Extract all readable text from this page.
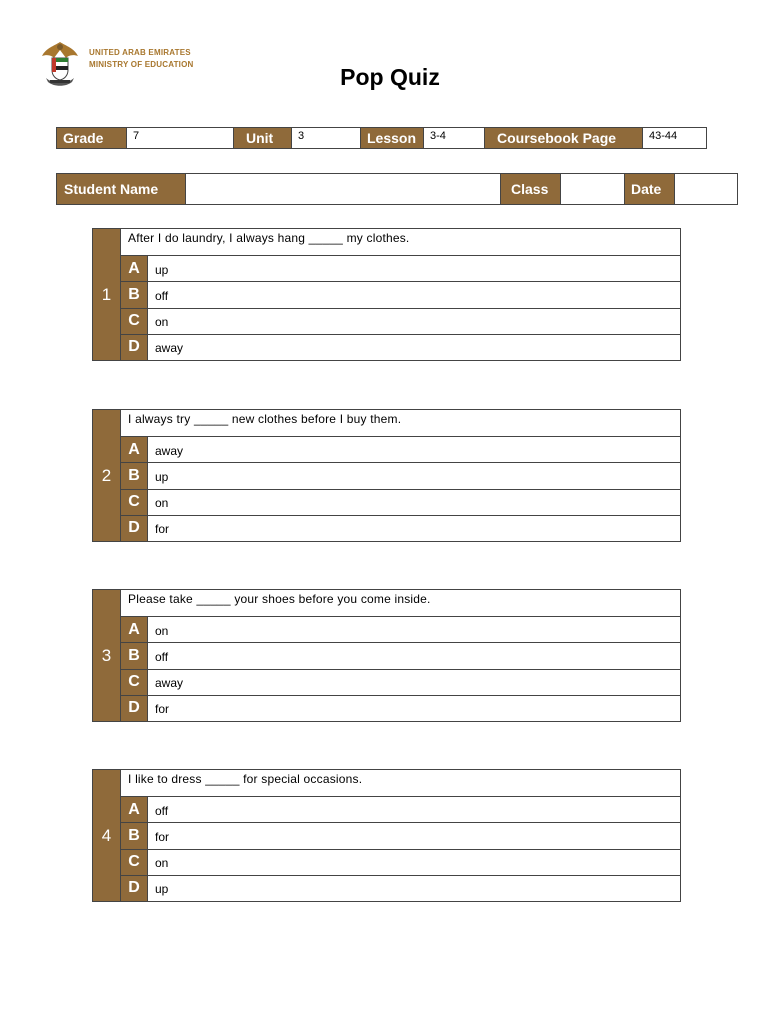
UNITED ARAB EMIRATES
MINISTRY OF EDUCATION	Pop Quiz
Grade	7	Unit	3	Lesson	3-4	Coursebook Page	43-44
Student Name	Class	Date
1
After I do laundry, I always hang _____ my clothes.
A	up
B	off
C	on
D	away
2
I always try _____ new clothes before I buy them.
A	away
B	up
C	on
D	for
3
Please take _____ your shoes before you come inside.
A	on
B	off
C	away
D	for
4
I like to dress _____ for special occasions.
A	off
B	for
C	on
D	up
